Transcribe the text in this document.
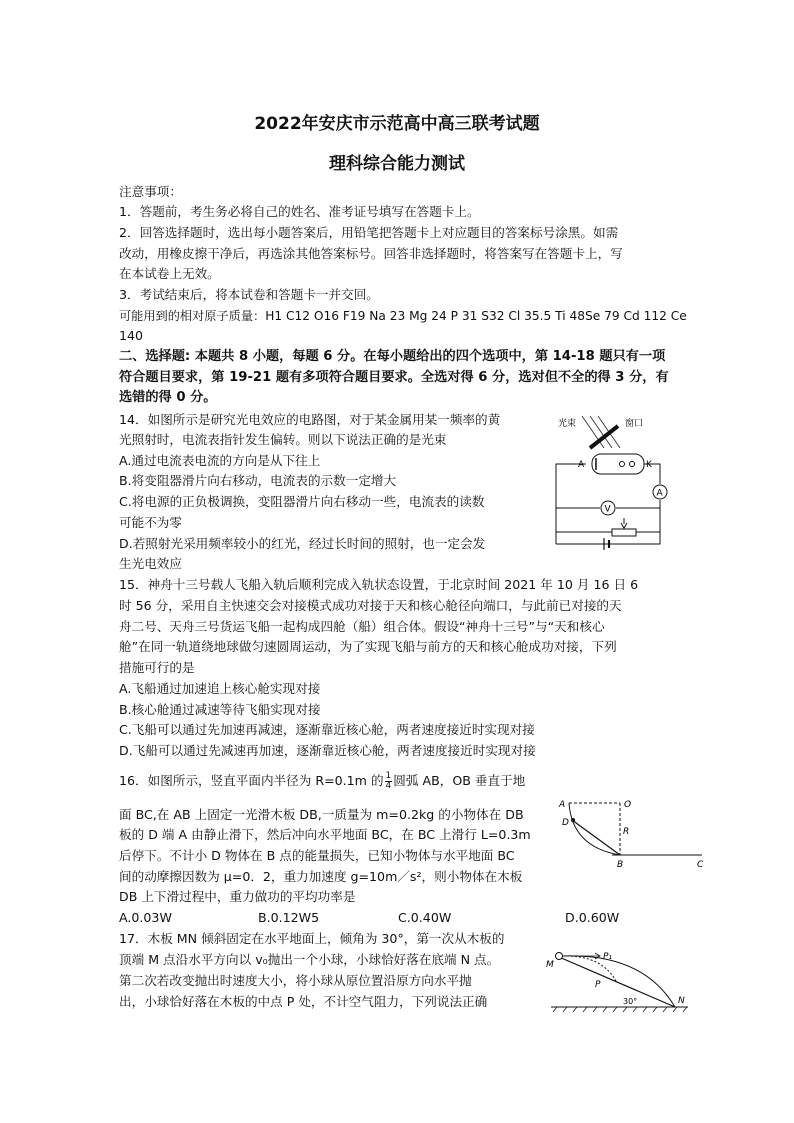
2022年安庆市示范高中高三联考试题
理科综合能力测试
注意事项：
1．答题前，考生务必将自己的姓名、准考证号填写在答题卡上。
2．回答选择题时，选出每小题答案后，用铅笔把答题卡上对应题目的答案标号涂黑。如需
改动，用橡皮擦干净后，再选涂其他答案标号。回答非选择题时，将答案写在答题卡上，写
在本试卷上无效。
3．考试结束后，将本试卷和答题卡一并交回。
可能用到的相对原子质量：H1 C12 O16 F19 Na 23 Mg 24 P 31 S32 Cl 35.5 Ti 48Se 79 Cd 112 Ce
140
二、选择题: 本题共 8 小题，每题 6 分。在每小题给出的四个选项中，第 14-18 题只有一项
符合题目要求，第 19-21 题有多项符合题目要求。全选对得 6 分，选对但不全的得 3 分，有
选错的得 0 分。
14．如图所示是研究光电效应的电路图，对于某金属用某一频率的黄
光照射时，电流表指针发生偏转。则以下说法正确的是光束
A.通过电流表电流的方向是从下往上
B.将变阻器滑片向右移动，电流表的示数一定增大
C.将电源的正负极调换，变阻器滑片向右移动一些，电流表的读数
可能不为零
D.若照射光采用频率较小的红光，经过长时间的照射，也一定会发
生光电效应
光束	窗口
A	K
A
V
15．神舟十三号载人飞船入轨后顺利完成入轨状态设置，于北京时间 2021 年 10 月 16 日 6
时 56 分，采用自主快速交会对接模式成功对接于天和核心舱径向端口，与此前已对接的天
舟二号、天舟三号货运飞船一起构成四舱（船）组合体。假设“神舟十三号”与“天和核心
舱”在同一轨道绕地球做匀速圆周运动，为了实现飞船与前方的天和核心舱成功对接，下列
措施可行的是
A.飞船通过加速追上核心舱实现对接
B.核心舱通过减速等待飞船实现对接
C.飞船可以通过先加速再减速，逐渐靠近核心舱，两者速度接近时实现对接
D.飞船可以通过先减速再加速，逐渐靠近核心舱，两者速度接近时实现对接
16．如图所示，竖直平面内半径为 R=0.1m 的 $\frac{1}{4}$ 圆弧 AB，OB 垂直于地
面 BC,在 AB 上固定一光滑木板 DB,一质量为 m=0.2kg 的小物体在 DB
板的 D 端 A 由静止滑下，然后冲向水平地面 BC，在 BC 上滑行 L=0.3m
后停下。不计小 D 物体在 B 点的能量损失，已知小物体与水平地面 BC
间的动摩擦因数为 μ=0．2，重力加速度 g=10m／s²，则小物体在木板
DB 上下滑过程中，重力做功的平均功率是
A.0.03W	B.0.12W5	C.0.40W	D.0.60W
A	O
D
R
B	C
17．木板 MN 倾斜固定在水平地面上，倾角为 30°，第一次从木板的
顶端 M 点沿水平方向以 v₀抛出一个小球，小球恰好落在底端 N 点。
第二次若改变抛出时速度大小，将小球从原位置沿原方向水平抛
出，小球恰好落在木板的中点 P 处，不计空气阻力，下列说法正确
M
P₁
P
30°	N
